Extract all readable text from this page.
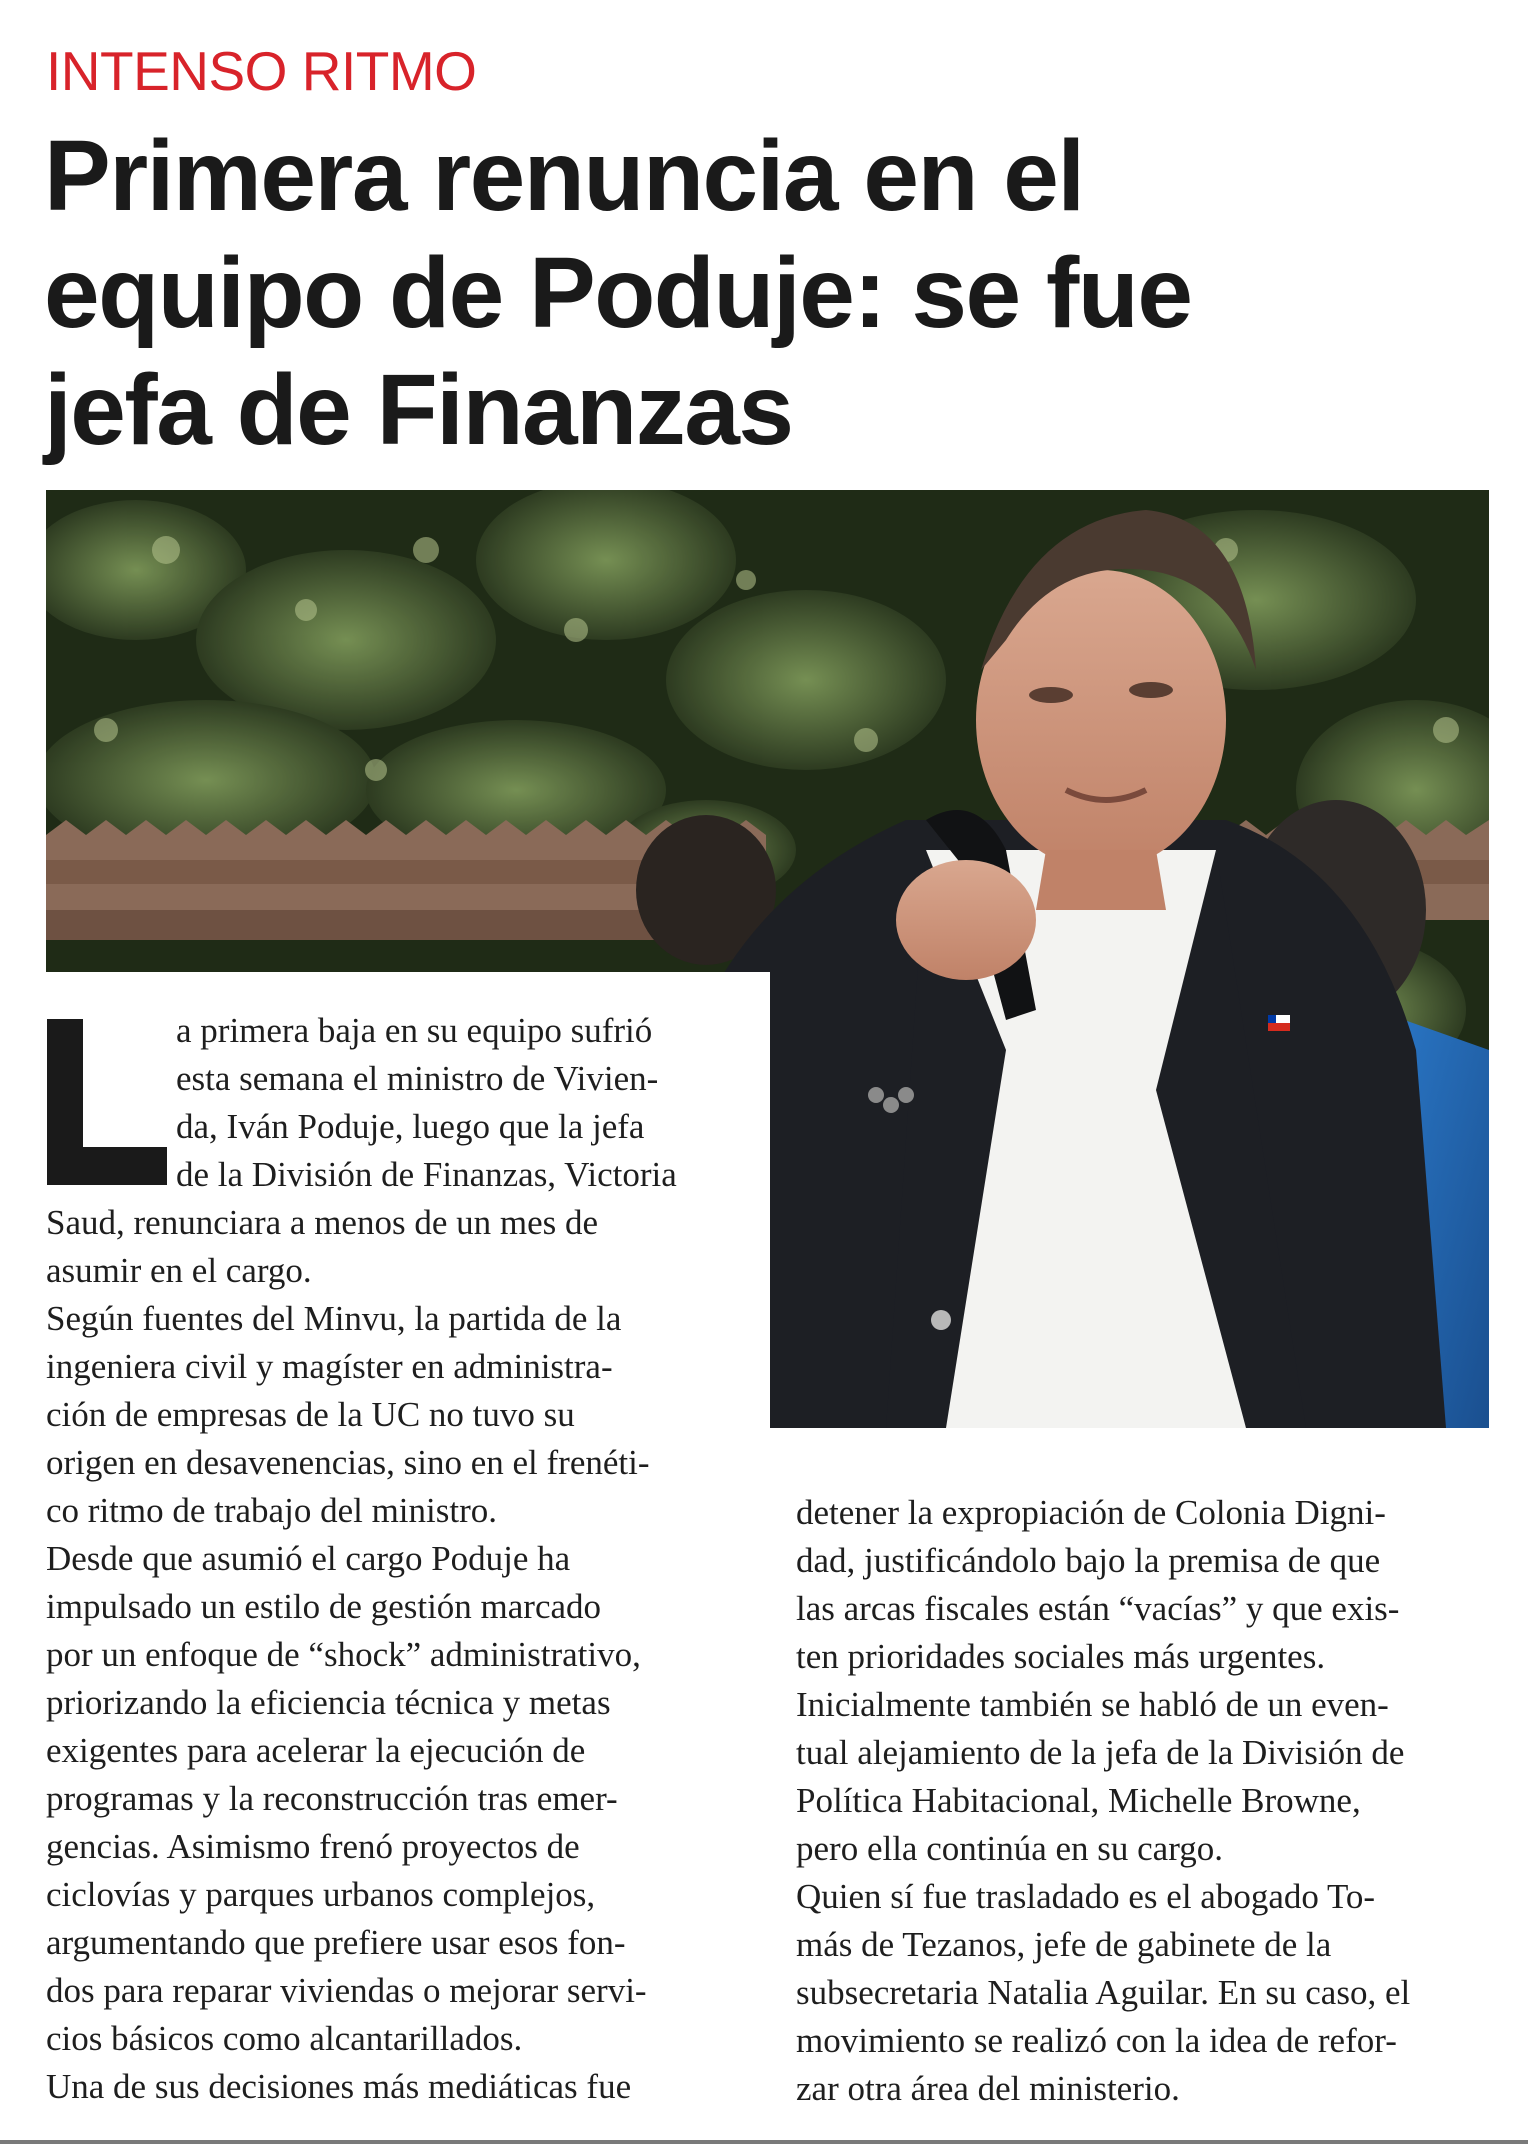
INTENSO RITMO
Primera renuncia en el
equipo de Poduje: se fue
jefa de Finanzas
a primera baja en su equipo sufrió
esta semana el ministro de Vivien-
da, Iván Poduje, luego que la jefa
de la División de Finanzas, Victoria
Saud, renunciara a menos de un mes de
asumir en el cargo.
Según fuentes del Minvu, la partida de la
ingeniera civil y magíster en administra-
ción de empresas de la UC no tuvo su
origen en desavenencias, sino en el frenéti-
co ritmo de trabajo del ministro.
Desde que asumió el cargo Poduje ha
impulsado un estilo de gestión marcado
por un enfoque de “shock” administrativo,
priorizando la eficiencia técnica y metas
exigentes para acelerar la ejecución de
programas y la reconstrucción tras emer-
gencias. Asimismo frenó proyectos de
ciclovías y parques urbanos complejos,
argumentando que prefiere usar esos fon-
dos para reparar viviendas o mejorar servi-
cios básicos como alcantarillados.
Una de sus decisiones más mediáticas fue
detener la expropiación de Colonia Digni-
dad, justificándolo bajo la premisa de que
las arcas fiscales están “vacías” y que exis-
ten prioridades sociales más urgentes.
Inicialmente también se habló de un even-
tual alejamiento de la jefa de la División de
Política Habitacional, Michelle Browne,
pero ella continúa en su cargo.
Quien sí fue trasladado es el abogado To-
más de Tezanos, jefe de gabinete de la
subsecretaria Natalia Aguilar. En su caso, el
movimiento se realizó con la idea de refor-
zar otra área del ministerio.
